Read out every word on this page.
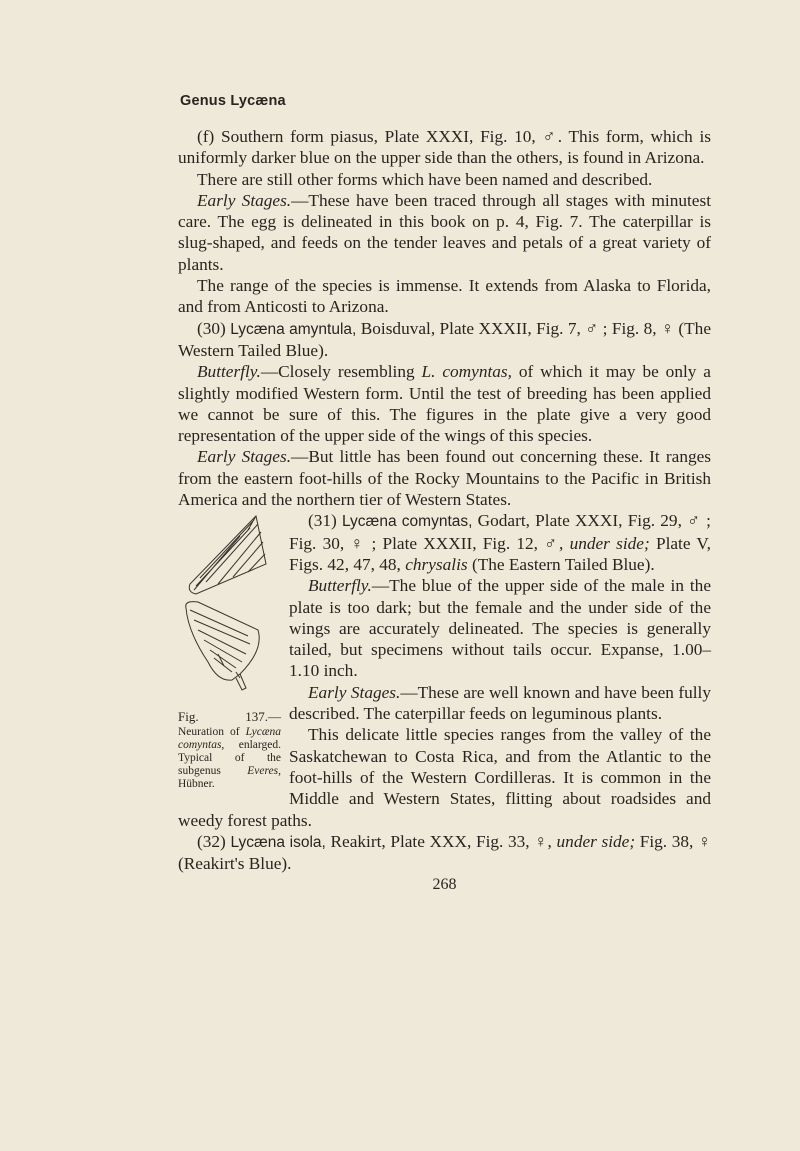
Genus Lycæna

(f) Southern form piasus, Plate XXXI, Fig. 10, ♂. This form, which is uniformly darker blue on the upper side than the others, is found in Arizona.

There are still other forms which have been named and described.

Early Stages.—These have been traced through all stages with minutest care. The egg is delineated in this book on p. 4, Fig. 7. The caterpillar is slug-shaped, and feeds on the tender leaves and petals of a great variety of plants.

The range of the species is immense. It extends from Alaska to Florida, and from Anticosti to Arizona.

(30) Lycæna amyntula, Boisduval, Plate XXXII, Fig. 7, ♂ ; Fig. 8, ♀ (The Western Tailed Blue).

Butterfly.—Closely resembling L. comyntas, of which it may be only a slightly modified Western form. Until the test of breeding has been applied we cannot be sure of this. The figures in the plate give a very good representation of the upper side of the wings of this species.

Early Stages.—But little has been found out concerning these. It ranges from the eastern foot-hills of the Rocky Mountains to the Pacific in British America and the northern tier of Western States.

Fig. 137.— Neuration of Lycæna comyntas, enlarged. Typical of the subgenus Everes, Hübner.

(31) Lycæna comyntas, Godart, Plate XXXI, Fig. 29, ♂ ; Fig. 30, ♀ ; Plate XXXII, Fig. 12, ♂, under side; Plate V, Figs. 42, 47, 48, chrysalis (The Eastern Tailed Blue).

Butterfly.—The blue of the upper side of the male in the plate is too dark; but the female and the under side of the wings are accurately delineated. The species is generally tailed, but specimens without tails occur. Expanse, 1.00–1.10 inch.

Early Stages.—These are well known and have been fully described. The caterpillar feeds on leguminous plants.

This delicate little species ranges from the valley of the Saskatchewan to Costa Rica, and from the Atlantic to the foot-hills of the Western Cordilleras. It is common in the Middle and Western States, flitting about roadsides and weedy forest paths.

(32) Lycæna isola, Reakirt, Plate XXX, Fig. 33, ♀, under side; Fig. 38, ♀ (Reakirt's Blue).

268
